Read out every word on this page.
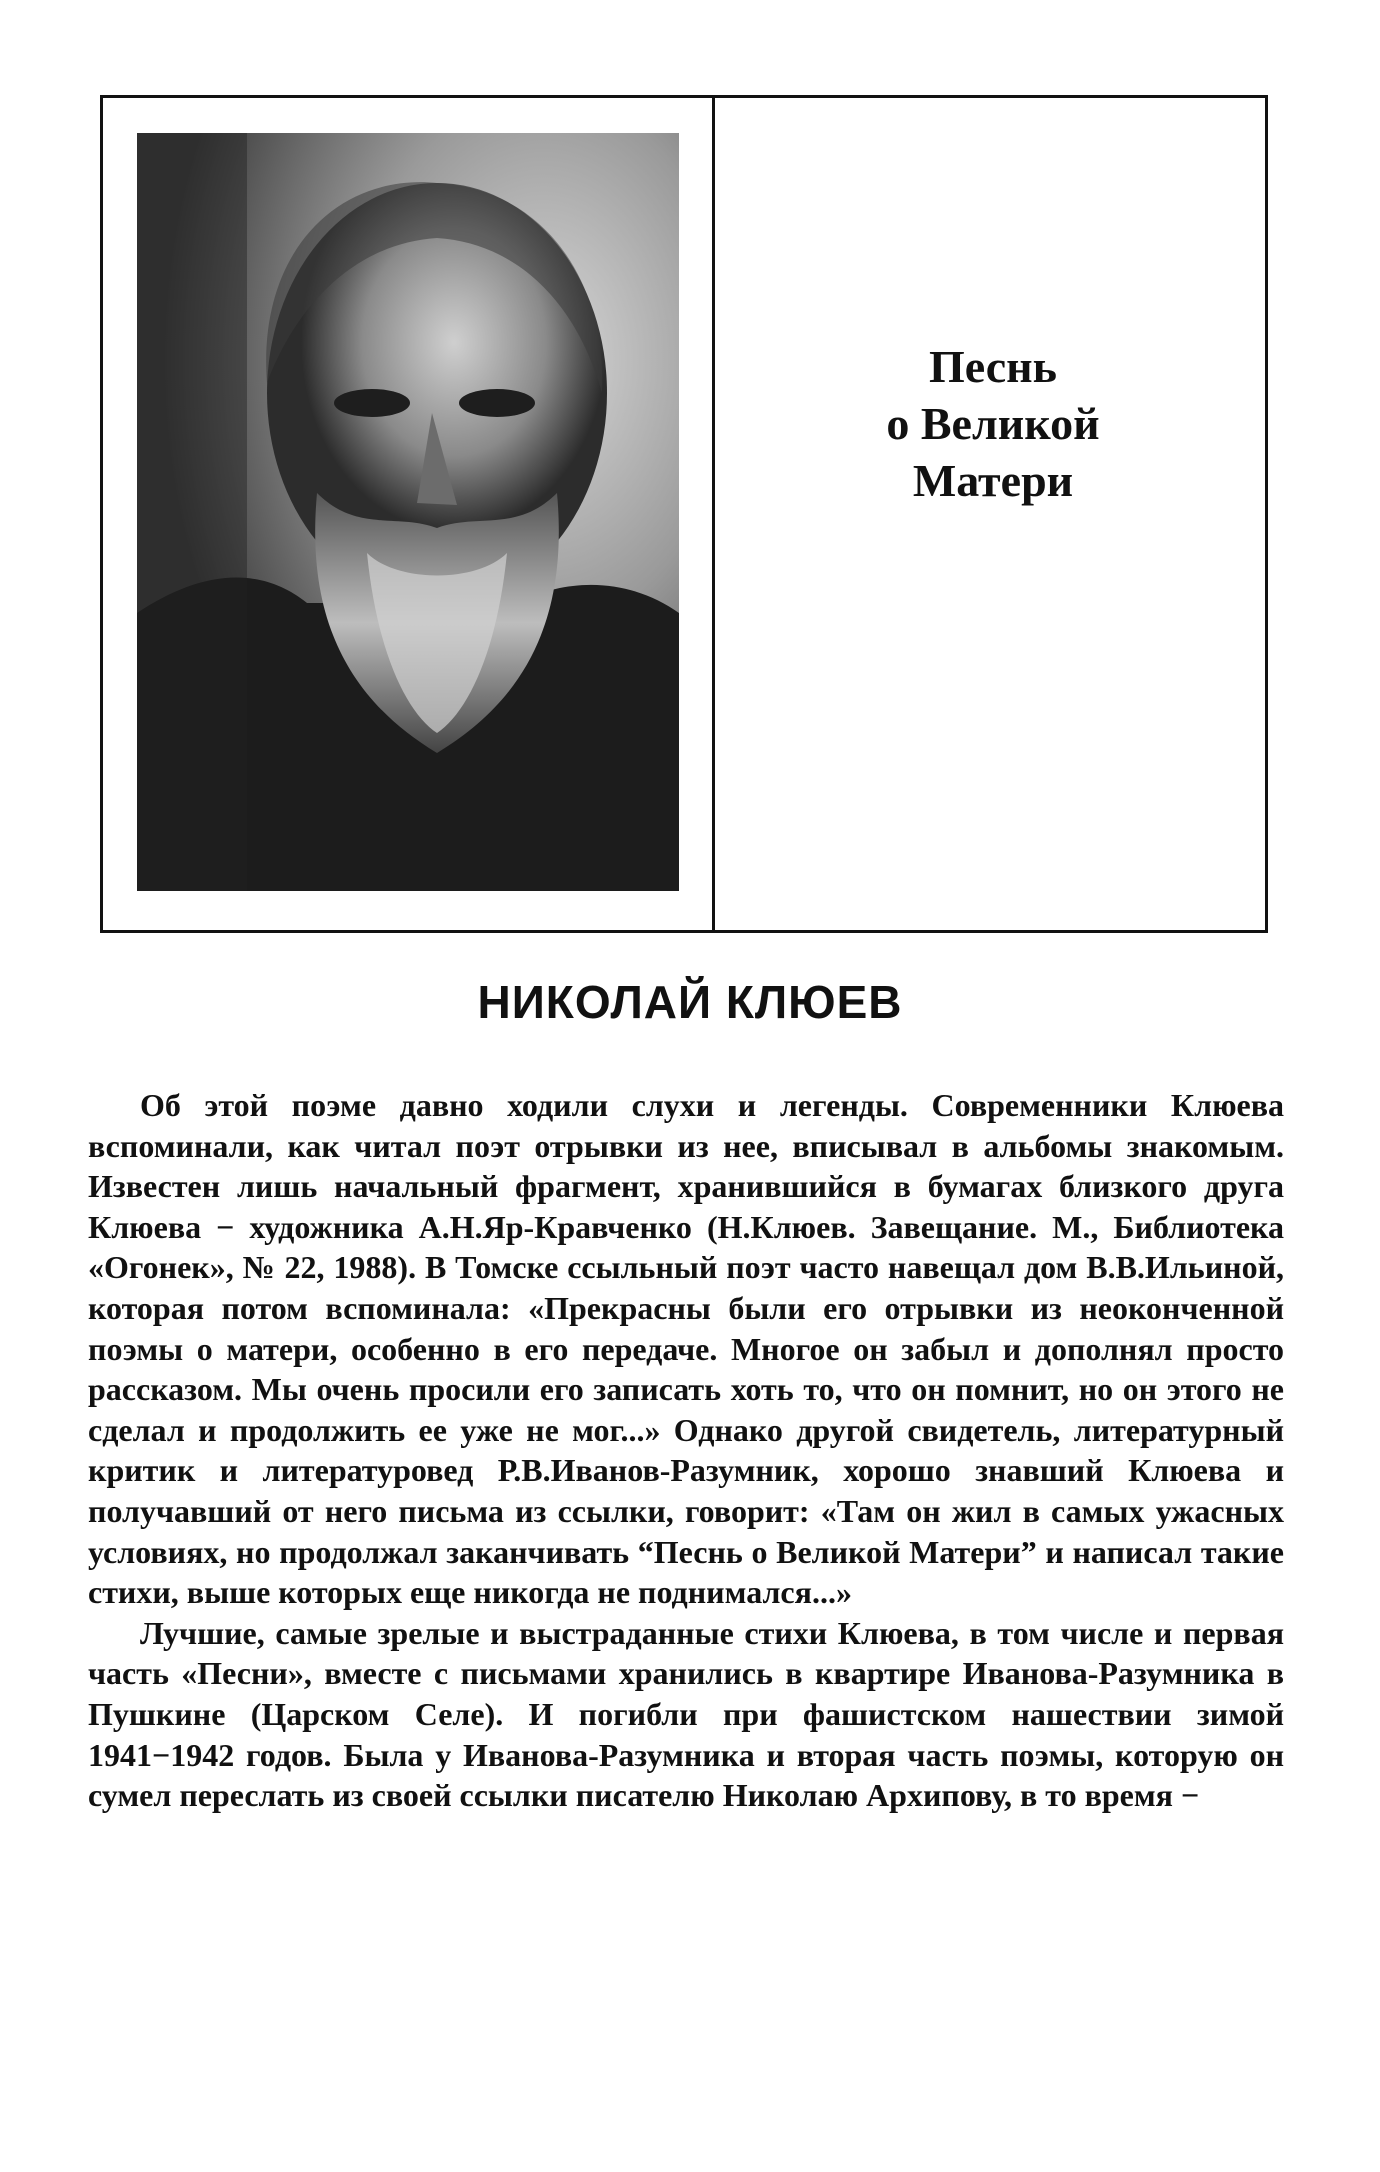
Песнь
о Великой
Матери
НИКОЛАЙ КЛЮЕВ

Об этой поэме давно ходили слухи и легенды. Современники Клюева вспоминали, как читал поэт отрывки из нее, вписывал в альбомы знакомым. Известен лишь начальный фрагмент, хранившийся в бумагах близкого друга Клюева − художника А.Н.Яр-Кравченко (Н.Клюев. Завещание. М., Библиотека «Огонек», № 22, 1988). В Томске ссыльный поэт часто навещал дом В.В.Ильиной, которая потом вспоминала: «Прекрасны были его отрывки из неоконченной поэмы о матери, особенно в его передаче. Многое он забыл и дополнял просто рассказом. Мы очень просили его записать хоть то, что он помнит, но он этого не сделал и продолжить ее уже не мог...» Однако другой свидетель, литературный критик и литературовед Р.В.Иванов-Разумник, хорошо знавший Клюева и получавший от него письма из ссылки, говорит: «Там он жил в самых ужасных условиях, но продолжал заканчивать “Песнь о Великой Матери” и написал такие стихи, выше которых еще никогда не поднимался...»

Лучшие, самые зрелые и выстраданные стихи Клюева, в том числе и первая часть «Песни», вместе с письмами хранились в квартире Иванова-Разумника в Пушкине (Царском Селе). И погибли при фашистском нашествии зимой 1941−1942 годов. Была у Иванова-Разумника и вторая часть поэмы, которую он сумел переслать из своей ссылки писателю Николаю Архипову, в то время −
